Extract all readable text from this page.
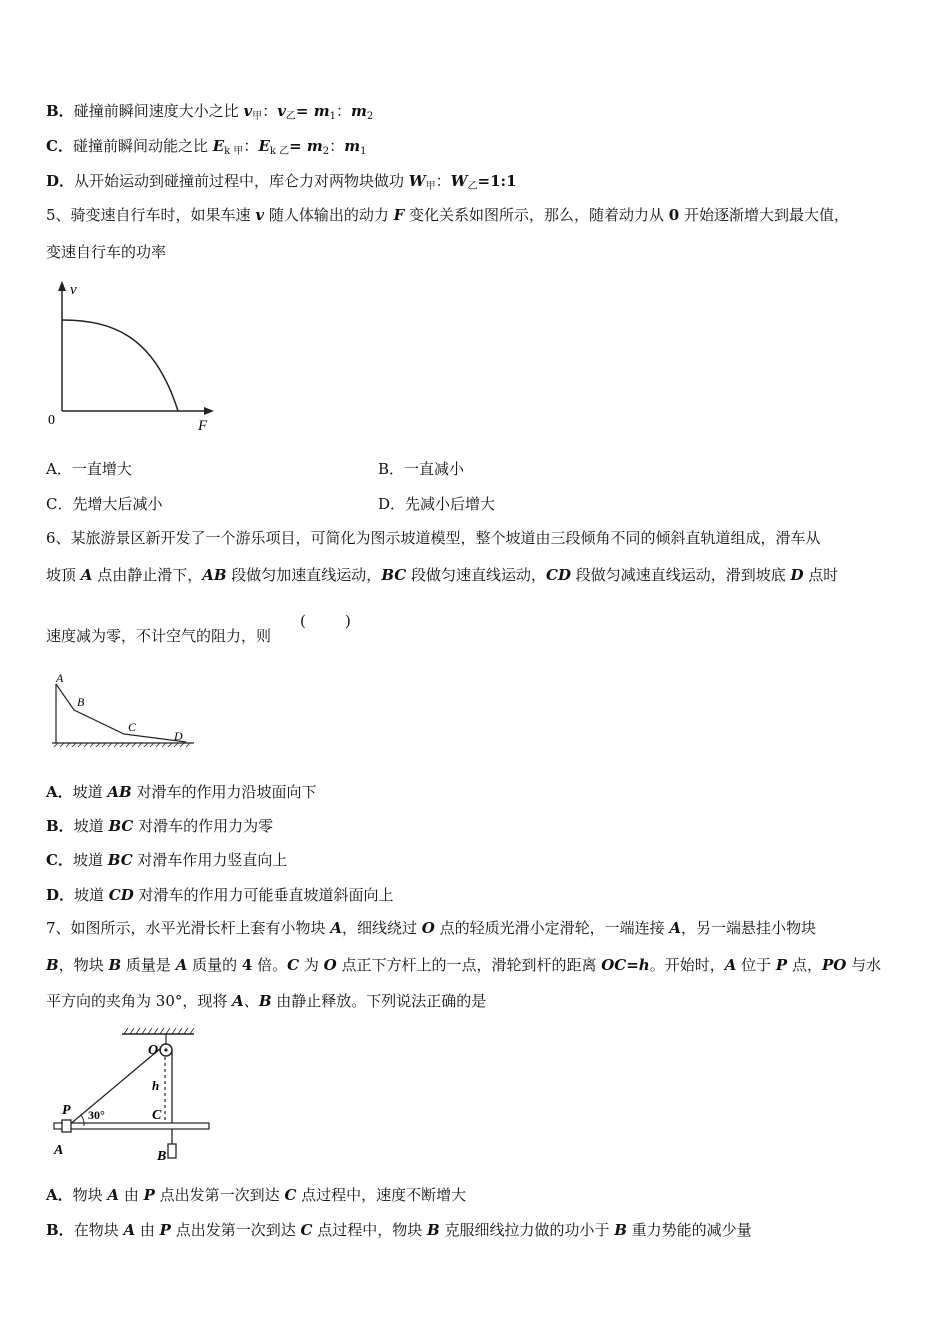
B．碰撞前瞬间速度大小之比 $v_甲$：$v_乙= m_1$：$m_2$
C．碰撞前瞬间动能之比 $E_{k 甲}$：$E_{k 乙}= m_2$：$m_1$
D．从开始运动到碰撞前过程中，库仑力对两物块做功 $W_甲$：$W_乙=1:1$
5、骑变速自行车时，如果车速 v 随人体输出的动力 F 变化关系如图所示，那么，随着动力从 0 开始逐渐增大到最大值，
变速自行车的功率
v
F
0
A．一直增大	B．一直减小
C．先增大后减小	D．先减小后增大
6、某旅游景区新开发了一个游乐项目，可简化为图示坡道模型，整个坡道由三段倾角不同的倾斜直轨道组成，滑车从
坡顶 A 点由静止滑下，AB 段做匀加速直线运动，BC 段做匀速直线运动，CD 段做匀减速直线运动，滑到坡底 D 点时
速度减为零，不计空气的阻力，则
(	)
A
B
C
D
A．坡道 AB 对滑车的作用力沿坡面向下
B．坡道 BC 对滑车的作用力为零
C．坡道 BC 对滑车作用力竖直向上
D．坡道 CD 对滑车的作用力可能垂直坡道斜面向上
7、如图所示，水平光滑长杆上套有小物块 A，细线绕过 O 点的轻质光滑小定滑轮，一端连接 A，另一端悬挂小物块
B，物块 B 质量是 A 质量的 4 倍。C 为 O 点正下方杆上的一点，滑轮到杆的距离 OC=h。开始时，A 位于 P 点，PO 与水
平方向的夹角为 30°，现将 A、B 由静止释放。下列说法正确的是
O
h
P 30°	C
A	B
A．物块 A 由 P 点出发第一次到达 C 点过程中，速度不断增大
B．在物块 A 由 P 点出发第一次到达 C 点过程中，物块 B 克服细线拉力做的功小于 B 重力势能的减少量
